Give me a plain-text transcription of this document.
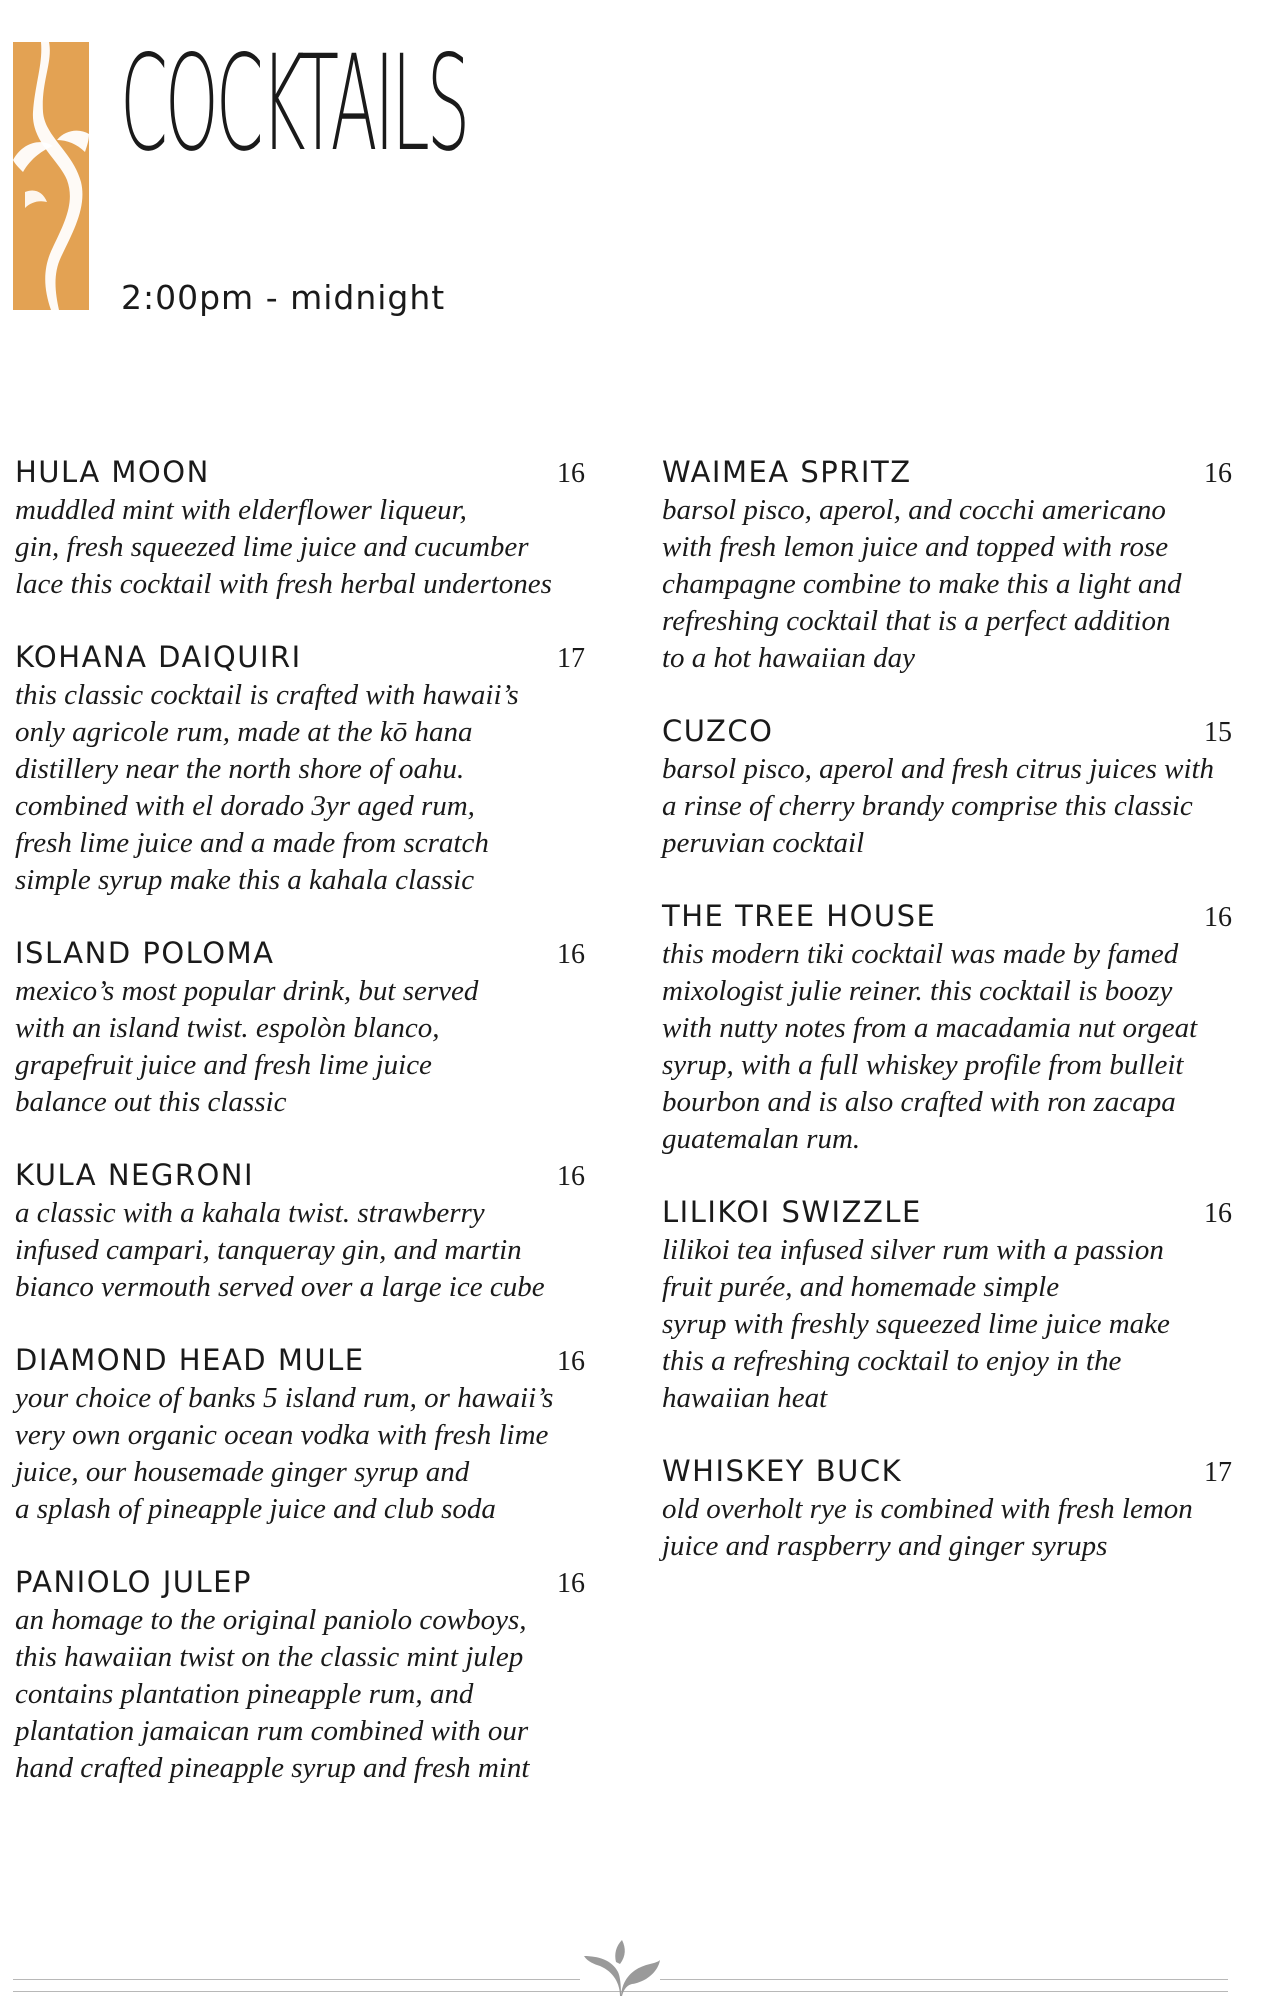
COCKTAILS
2:00pm - midnight
HULA MOON	16

muddled mint with elderflower liqueur,
gin, fresh squeezed lime juice and cucumber
lace this cocktail with fresh herbal undertones

KOHANA DAIQUIRI	17

this classic cocktail is crafted with hawaii’s
only agricole rum, made at the kō hana
distillery near the north shore of oahu.
combined with el dorado 3yr aged rum,
fresh lime juice and a made from scratch
simple syrup make this a kahala classic

ISLAND POLOMA	16

mexico’s most popular drink, but served
with an island twist. espolòn blanco,
grapefruit juice and fresh lime juice
balance out this classic

KULA NEGRONI	16

a classic with a kahala twist. strawberry
infused campari, tanqueray gin, and martin
bianco vermouth served over a large ice cube

DIAMOND HEAD MULE	16

your choice of banks 5 island rum, or hawaii’s
very own organic ocean vodka with fresh lime
juice, our housemade ginger syrup and
a splash of pineapple juice and club soda

PANIOLO JULEP	16

an homage to the original paniolo cowboys,
this hawaiian twist on the classic mint julep
contains plantation pineapple rum, and
plantation jamaican rum combined with our
hand crafted pineapple syrup and fresh mint

WAIMEA SPRITZ	16

barsol pisco, aperol, and cocchi americano
with fresh lemon juice and topped with rose
champagne combine to make this a light and
refreshing cocktail that is a perfect addition
to a hot hawaiian day

CUZCO	15

barsol pisco, aperol and fresh citrus juices with
a rinse of cherry brandy comprise this classic
peruvian cocktail

THE TREE HOUSE	16

this modern tiki cocktail was made by famed
mixologist julie reiner. this cocktail is boozy
with nutty notes from a macadamia nut orgeat
syrup, with a full whiskey profile from bulleit
bourbon and is also crafted with ron zacapa
guatemalan rum.

LILIKOI SWIZZLE	16

lilikoi tea infused silver rum with a passion
fruit purée, and homemade simple
syrup with freshly squeezed lime juice make
this a refreshing cocktail to enjoy in the
hawaiian heat

WHISKEY BUCK	17

old overholt rye is combined with fresh lemon
juice and raspberry and ginger syrups
